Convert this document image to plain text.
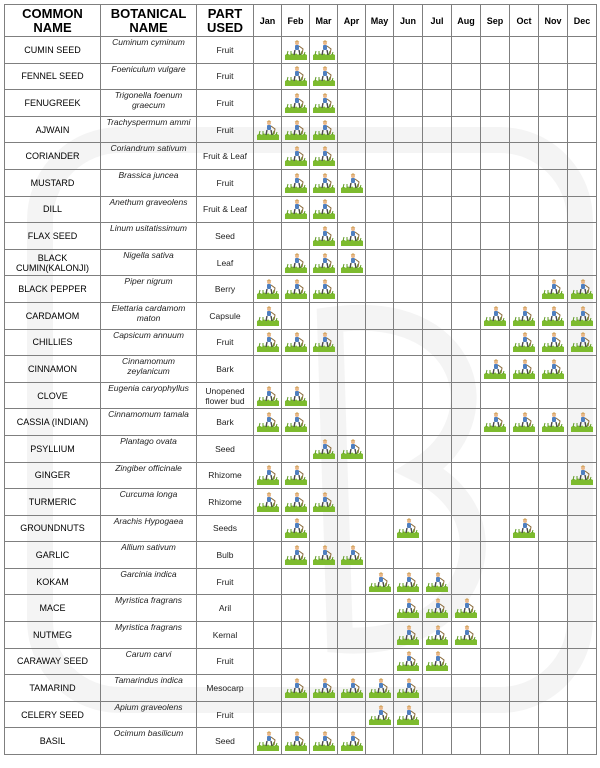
COMMON NAME	BOTANICAL NAME	PART USED	Jan	Feb	Mar	Apr	May	Jun	Jul	Aug	Sep	Oct	Nov	Dec
CUMIN SEED	Cuminum cyminum	Fruit		

FENNEL SEED	Foeniculum vulgare	Fruit		

FENUGREEK	Trigonella foenum graecum	Fruit		

AJWAIN	Trachyspermum ammi	Fruit	

CORIANDER	Coriandrum sativum	Fruit & Leaf		

MUSTARD	Brassica juncea	Fruit		

DILL	Anethum graveolens	Fruit & Leaf		

FLAX SEED	Linum usitatissimum	Seed			

BLACK CUMIN(KALONJI)	Nigella sativa	Leaf		

BLACK PEPPER	Piper nigrum	Berry	

CARDAMOM	Elettaria cardamom maton	Capsule	

CHILLIES	Capsicum annuum	Fruit	

CINNAMON	Cinnamomum zeylanicum	Bark									

CLOVE	Eugenia caryophyllus	Unopened flower bud	

CASSIA (INDIAN)	Cinnamomum tamala	Bark	

PSYLLIUM	Plantago ovata	Seed			

GINGER	Zingiber officinale	Rhizome	

TURMERIC	Curcuma longa	Rhizome	

GROUNDNUTS	Arachis Hypogaea	Seeds		

GARLIC	Allium sativum	Bulb		

KOKAM	Garcinia indica	Fruit					

MACE	Myristica fragrans	Aril						

NUTMEG	Myristica fragrans	Kernal						

CARAWAY SEED	Carum carvi	Fruit						

TAMARIND	Tamarindus indica	Mesocarp		

CELERY SEED	Apium graveolens	Fruit					

BASIL	Ocimum basilicum	Seed	
